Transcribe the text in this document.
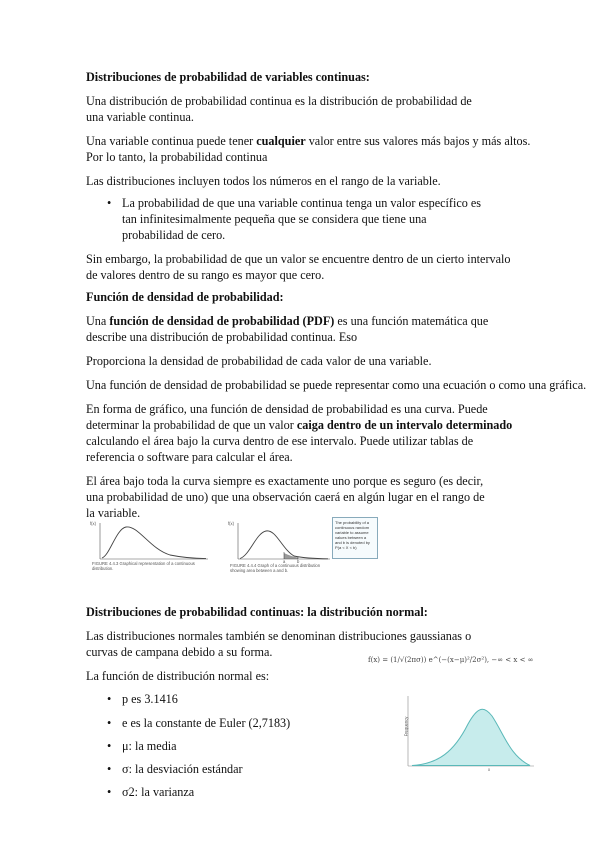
Distribuciones de probabilidad de variables continuas:
Una distribución de probabilidad continua es la distribución de probabilidad de
una variable continua.
Una variable continua puede tener cualquier valor entre sus valores más bajos y más altos.
Por lo tanto, la probabilidad continua
Las distribuciones incluyen todos los números en el rango de la variable.
• La probabilidad de que una variable continua tenga un valor específico es
tan infinitesimalmente pequeña que se considera que tiene una
probabilidad de cero.
Sin embargo, la probabilidad de que un valor se encuentre dentro de un cierto intervalo
de valores dentro de su rango es mayor que cero.
Función de densidad de probabilidad:
Una función de densidad de probabilidad (PDF) es una función matemática que
describe una distribución de probabilidad continua. Eso
Proporciona la densidad de probabilidad de cada valor de una variable.
Una función de densidad de probabilidad se puede representar como una ecuación o como una gráfica.
En forma de gráfico, una función de densidad de probabilidad es una curva. Puede
determinar la probabilidad de que un valor caiga dentro de un intervalo determinado
calculando el área bajo la curva dentro de ese intervalo. Puede utilizar tablas de
referencia o software para calcular el área.
El área bajo toda la curva siempre es exactamente uno porque es seguro (es decir,
una probabilidad de uno) que una observación caerá en algún lugar en el rango de
la variable.
f(x)
FIGURE 4.4.3 Graphical representation of a continuous
distribution.
f(x)
a	b
FIGURE 4.4.4 Graph of a continuous distribution
showing area between a and b.
The probability of a
continuous random
variable to assume
values between a
and b is denoted by
P(a < X < b)
Distribuciones de probabilidad continuas: la distribución normal:
Las distribuciones normales también se denominan distribuciones gaussianas o
curvas de campana debido a su forma.
La función de distribución normal es:
f(x) = (1/√(2πσ)) e^(−(x−μ)²/2σ²), −∞ < x < ∞
• p es 3.1416
• e es la constante de Euler (2,7183)
• μ: la media
• σ: la desviación estándar
• σ2: la varianza
Frequency
x
